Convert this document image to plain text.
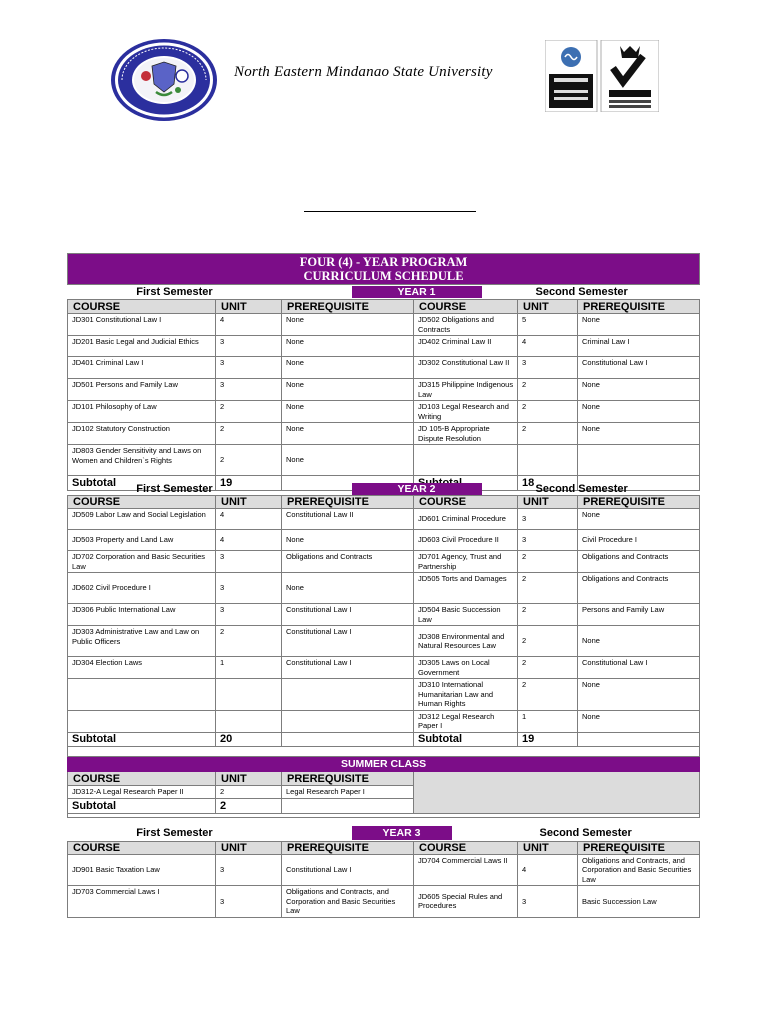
North Eastern Mindanao State University
FOUR (4) - YEAR PROGRAM
CURRICULUM SCHEDULE					

First Semester		YEAR 1		Second Semester	
COURSE	UNIT	PREREQUISITE	COURSE	UNIT	PREREQUISITE
JD301 Constitutional Law I	4	None	JD502 Obligations and Contracts	5	None
JD201 Basic Legal and Judicial Ethics	3	None	JD402 Criminal Law II	4	Criminal Law I
JD401 Criminal Law I	3	None	JD302 Constitutional Law II	3	Constitutional Law I
JD501 Persons and Family Law	3	None	JD315 Philippine Indigenous Law	2	None
JD101 Philosophy of Law	2	None	JD103 Legal Research and Writing	2	None
JD102 Statutory Construction	2	None	JD 105-B Appropriate Dispute Resolution	2	None
JD803 Gender Sensitivity and Laws on Women and Children`s Rights	2	None			
Subtotal	19			18	
First Semester		YEAR 2		Second Semester	
COURSE	UNIT	PREREQUISITE	COURSE	UNIT	PREREQUISITE
JD509 Labor Law and Social Legislation	4	Constitutional Law II	JD601 Criminal Procedure	3	None
JD503 Property and Land Law	4	None	JD603 Civil Procedure II	3	Civil Procedure I
JD702 Corporation and Basic Securities Law	3	Obligations and Contracts	JD701 Agency, Trust and Partnership	2	Obligations and Contracts
JD602 Civil Procedure I	3	None	JD505 Torts and Damages	2	Obligations and Contracts
JD306 Public International Law	3	Constitutional Law I	JD504 Basic Succession Law	2	Persons and Family Law
JD303 Administrative Law and Law on Public Officers	2	Constitutional Law I	JD308 Environmental and Natural Resources Law	2	None
JD304 Election Laws	1	Constitutional Law I	JD305 Laws on Local Government	2	Constitutional Law I
			JD310 International Humanitarian Law and Human Rights	2	None
			JD312 Legal Research Paper I	1	None
Subtotal	20		Subtotal	19	

SUMMER CLASS			
COURSE	UNIT	PREREQUISITE	
JD312-A Legal Research Paper II	2	Legal Research Paper I	
Subtotal	2		
First Semester		YEAR 3		Second Semester	
COURSE	UNIT	PREREQUISITE	COURSE	UNIT	PREREQUISITE
JD901 Basic Taxation Law	3	Constitutional Law I	JD704 Commercial Laws II	4	Obligations and Contracts, and Corporation and Basic Securities Law
JD703 Commercial Laws I	3	Obligations and Contracts, and Corporation and Basic Securities Law	JD605 Special Rules and Procedures	3	Basic Succession Law
